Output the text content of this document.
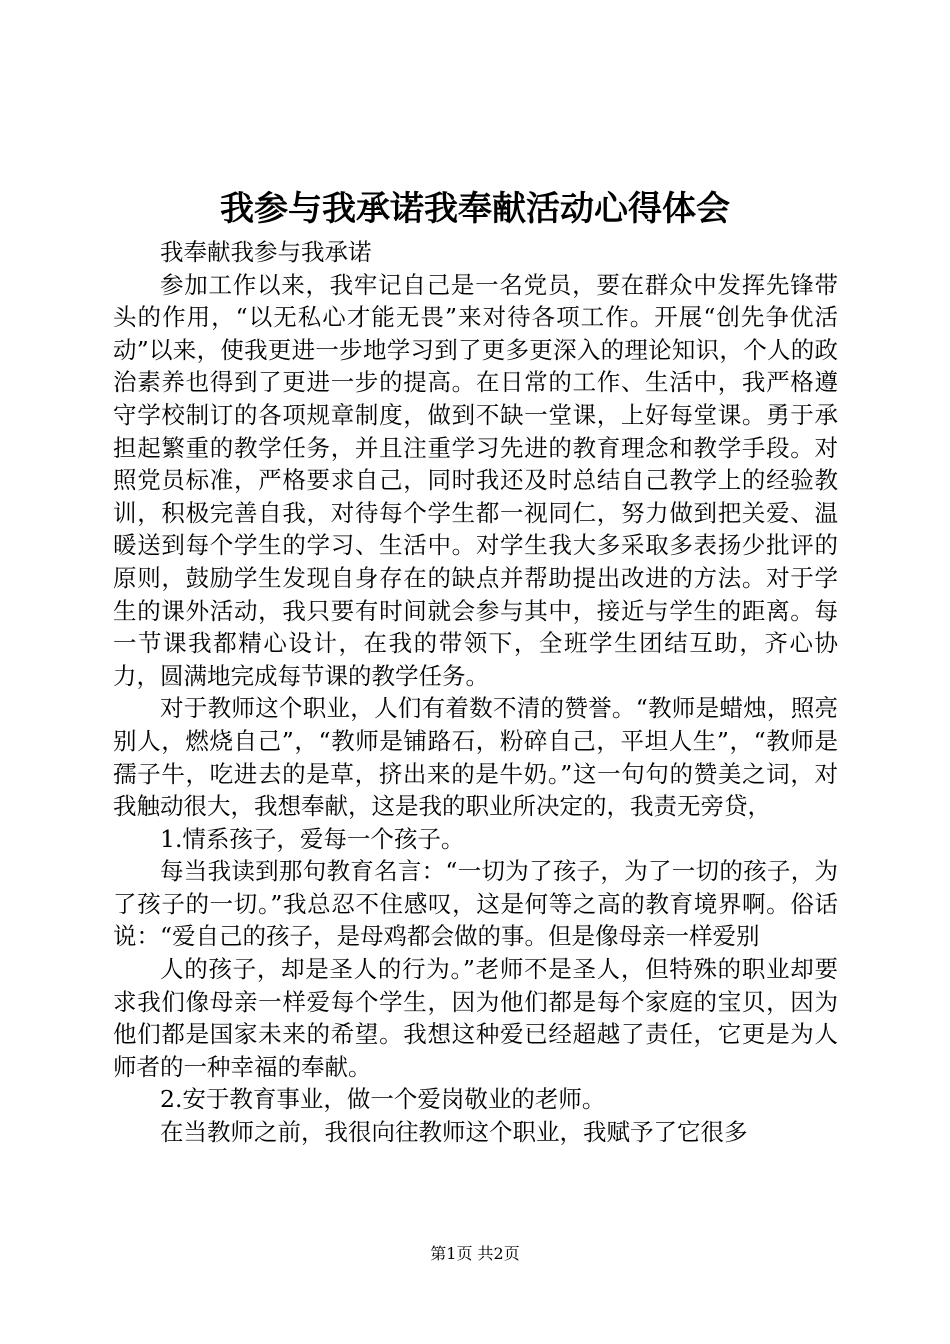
我参与我承诺我奉献活动心得体会

我奉献我参与我承诺

参加工作以来，我牢记自己是一名党员，要在群众中发挥先锋带头的作用，“以无私心才能无畏”来对待各项工作。开展“创先争优活动”以来，使我更进一步地学习到了更多更深入的理论知识，个人的政治素养也得到了更进一步的提高。在日常的工作、生活中，我严格遵守学校制订的各项规章制度，做到不缺一堂课，上好每堂课。勇于承担起繁重的教学任务，并且注重学习先进的教育理念和教学手段。对照党员标准，严格要求自己，同时我还及时总结自己教学上的经验教训，积极完善自我，对待每个学生都一视同仁，努力做到把关爱、温暖送到每个学生的学习、生活中。对学生我大多采取多表扬少批评的原则，鼓励学生发现自身存在的缺点并帮助提出改进的方法。对于学生的课外活动，我只要有时间就会参与其中，接近与学生的距离。每一节课我都精心设计，在我的带领下，全班学生团结互助，齐心协力，圆满地完成每节课的教学任务。

对于教师这个职业，人们有着数不清的赞誉。“教师是蜡烛，照亮别人，燃烧自己”，“教师是铺路石，粉碎自己，平坦人生”，“教师是孺子牛，吃进去的是草，挤出来的是牛奶。”这一句句的赞美之词，对我触动很大，我想奉献，这是我的职业所决定的，我责无旁贷，

1.情系孩子，爱每一个孩子。

每当我读到那句教育名言：“一切为了孩子，为了一切的孩子，为了孩子的一切。”我总忍不住感叹，这是何等之高的教育境界啊。俗话说：“爱自己的孩子，是母鸡都会做的事。但是像母亲一样爱别

人的孩子，却是圣人的行为。”老师不是圣人，但特殊的职业却要求我们像母亲一样爱每个学生，因为他们都是每个家庭的宝贝，因为他们都是国家未来的希望。我想这种爱已经超越了责任，它更是为人师者的一种幸福的奉献。

2.安于教育事业，做一个爱岗敬业的老师。

在当教师之前，我很向往教师这个职业，我赋予了它很多

第1页 共2页
